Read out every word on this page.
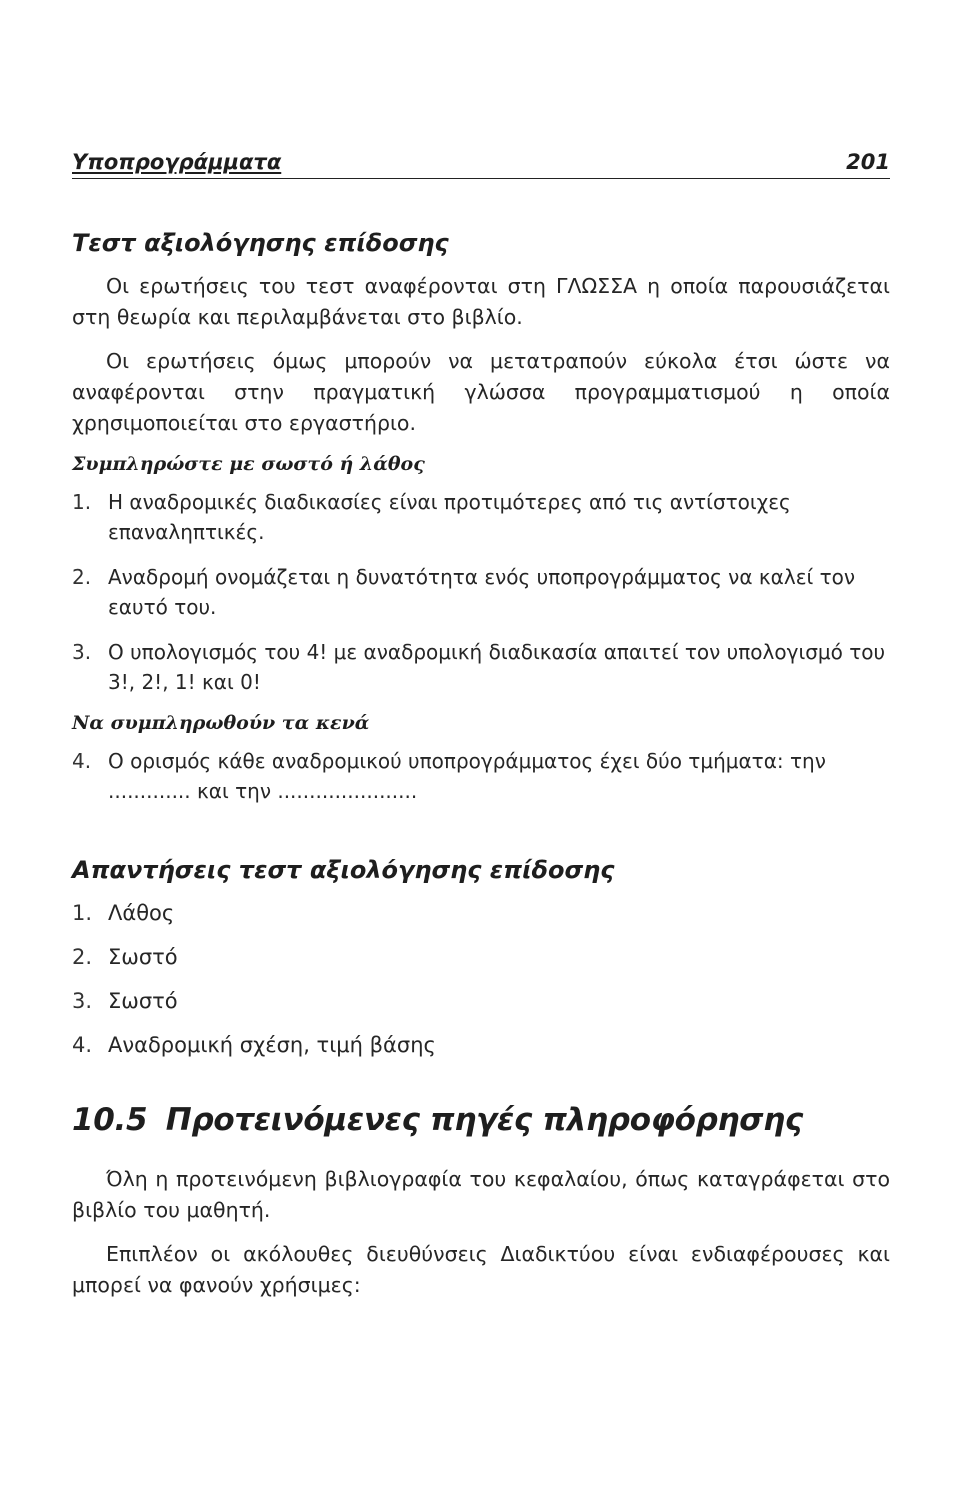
Υποπρογράμματα	201
Τεστ αξιολόγησης επίδοσης

Οι ερωτήσεις του τεστ αναφέρονται στη ΓΛΩΣΣΑ η οποία παρουσιάζεται στη θεωρία και περιλαμβάνεται στο βιβλίο.

Οι ερωτήσεις όμως μπορούν να μετατραπούν εύκολα έτσι ώστε να αναφέρονται στην πραγματική γλώσσα προγραμματισμού η οποία χρησιμοποιείται στο εργαστήριο.

Συμπληρώστε με σωστό ή λάθος
1. Η αναδρομικές διαδικασίες είναι προτιμότερες από τις αντίστοιχες επαναληπτικές.
2. Αναδρομή ονομάζεται η δυνατότητα ενός υποπρογράμματος να καλεί τον εαυτό του.
3. Ο υπολογισμός του 4! με αναδρομική διαδικασία απαιτεί τον υπολογισμό του 3!, 2!, 1! και 0!
Να συμπληρωθούν τα κενά
4. Ο ορισμός κάθε αναδρομικού υποπρογράμματος έχει δύο τμήματα: την ............. και την ......................
Απαντήσεις τεστ αξιολόγησης επίδοσης
1. Λάθος
2. Σωστό
3. Σωστό
4. Αναδρομική σχέση, τιμή βάσης
10.5 Προτεινόμενες πηγές πληροφόρησης

Όλη η προτεινόμενη βιβλιογραφία του κεφαλαίου, όπως καταγράφεται στο βιβλίο του μαθητή.

Επιπλέον οι ακόλουθες διευθύνσεις Διαδικτύου είναι ενδιαφέρουσες και μπορεί να φανούν χρήσιμες:
